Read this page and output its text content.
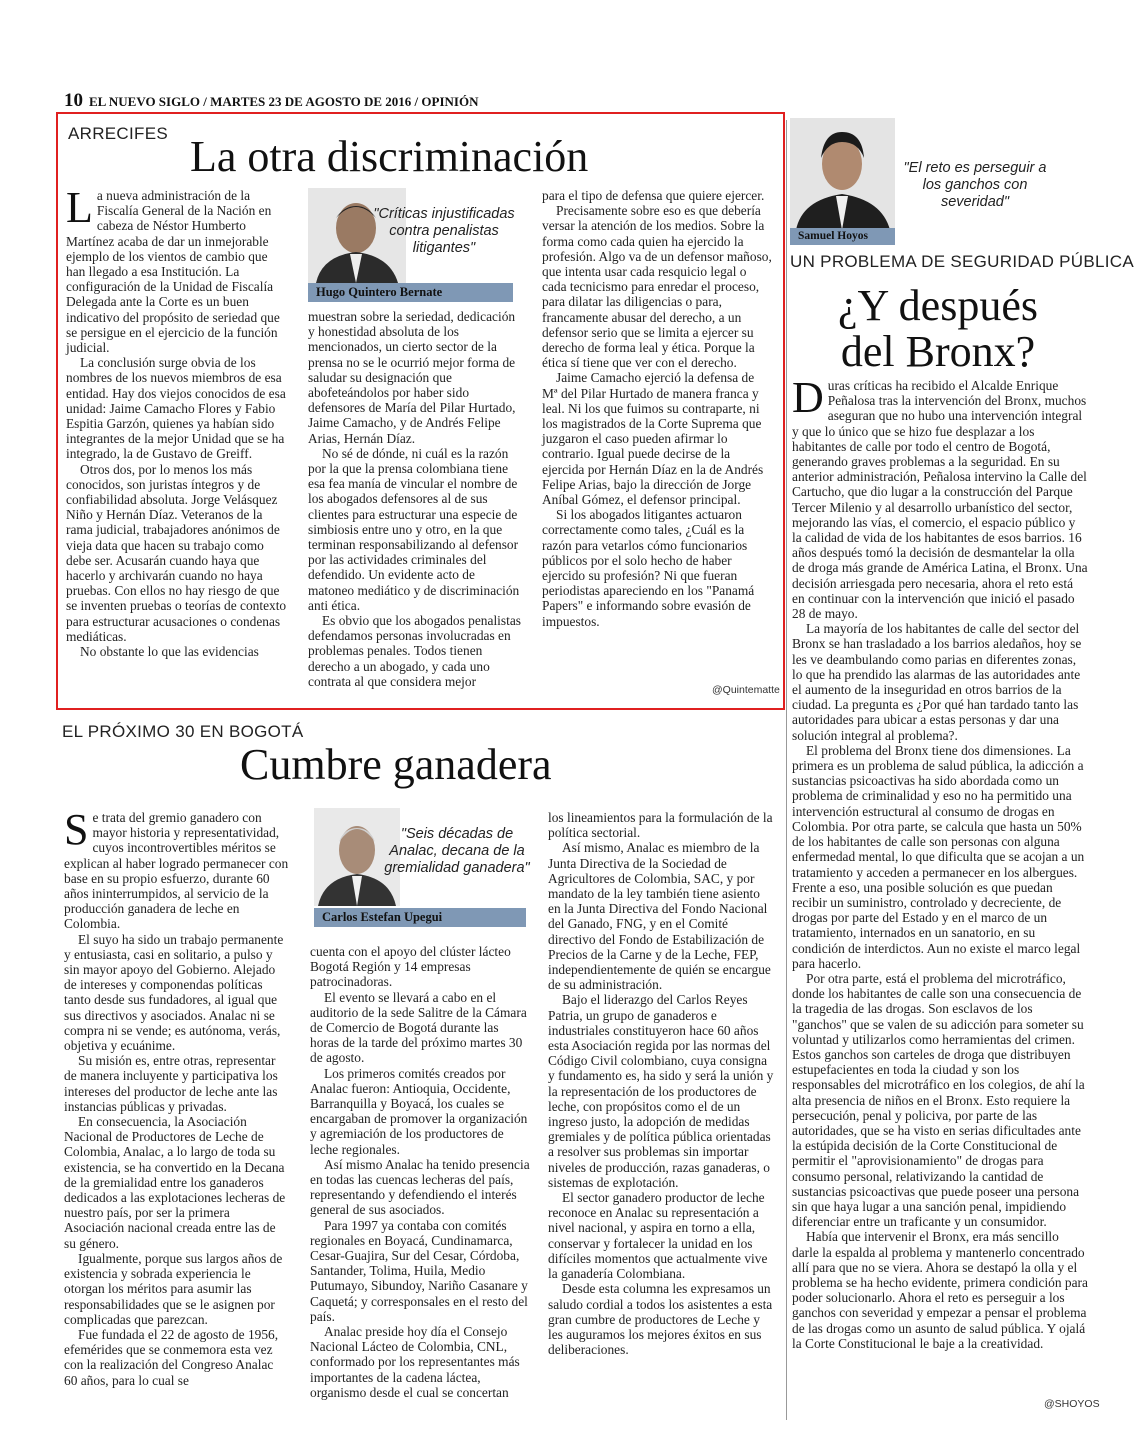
10 EL NUEVO SIGLO / MARTES 23 DE AGOSTO DE 2016 / OPINIÓN
ARRECIFES La otra discriminación

La nueva administración de la Fiscalía General de la Nación en cabeza de Néstor Humberto Martínez acaba de dar un inmejorable ejemplo de los vientos de cambio que han llegado a esa Institución. La configuración de la Unidad de Fiscalía Delegada ante la Corte es un buen indicativo del propósito de seriedad que se persigue en el ejercicio de la función judicial.

La conclusión surge obvia de los nombres de los nuevos miembros de esa entidad. Hay dos viejos conocidos de esa unidad: Jaime Camacho Flores y Fabio Espitia Garzón, quienes ya habían sido integrantes de la mejor Unidad que se ha integrado, la de Gustavo de Greiff.

Otros dos, por lo menos los más conocidos, son juristas íntegros y de confiabilidad absoluta. Jorge Velásquez Niño y Hernán Díaz. Veteranos de la rama judicial, trabajadores anónimos de vieja data que hacen su trabajo como debe ser. Acusarán cuando haya que hacerlo y archivarán cuando no haya pruebas. Con ellos no hay riesgo de que se inventen pruebas o teorías de contexto para estructurar acusaciones o condenas mediáticas.

No obstante lo que las evidencias

"Críticas injustificadas contra penalistas litigantes"
Hugo Quintero Bernate

muestran sobre la seriedad, dedicación y honestidad absoluta de los mencionados, un cierto sector de la prensa no se le ocurrió mejor forma de saludar su designación que abofeteándolos por haber sido defensores de María del Pilar Hurtado, Jaime Camacho, y de Andrés Felipe Arias, Hernán Díaz.

No sé de dónde, ni cuál es la razón por la que la prensa colombiana tiene esa fea manía de vincular el nombre de los abogados defensores al de sus clientes para estructurar una especie de simbiosis entre uno y otro, en la que terminan responsabilizando al defensor por las actividades criminales del defendido. Un evidente acto de matoneo mediático y de discriminación anti ética.

Es obvio que los abogados penalistas defendamos personas involucradas en problemas penales. Todos tienen derecho a un abogado, y cada uno contrata al que considera mejor

para el tipo de defensa que quiere ejercer.

Precisamente sobre eso es que debería versar la atención de los medios. Sobre la forma como cada quien ha ejercido la profesión. Algo va de un defensor mañoso, que intenta usar cada resquicio legal o cada tecnicismo para enredar el proceso, para dilatar las diligencias o para, francamente abusar del derecho, a un defensor serio que se limita a ejercer su derecho de forma leal y ética. Porque la ética sí tiene que ver con el derecho.

Jaime Camacho ejerció la defensa de Mª del Pilar Hurtado de manera franca y leal. Ni los que fuimos su contraparte, ni los magistrados de la Corte Suprema que juzgaron el caso pueden afirmar lo contrario. Igual puede decirse de la ejercida por Hernán Díaz en la de Andrés Felipe Arias, bajo la dirección de Jorge Aníbal Gómez, el defensor principal.

Si los abogados litigantes actuaron correctamente como tales, ¿Cuál es la razón para vetarlos cómo funcionarios públicos por el solo hecho de haber ejercido su profesión? Ni que fueran periodistas apareciendo en los "Panamá Papers" e informando sobre evasión de impuestos.

@Quintematte
EL PRÓXIMO 30 EN BOGOTÁ
Cumbre ganadera

Se trata del gremio ganadero con mayor historia y representatividad, cuyos incontrovertibles méritos se explican al haber logrado permanecer con base en su propio esfuerzo, durante 60 años ininterrumpidos, al servicio de la producción ganadera de leche en Colombia.

El suyo ha sido un trabajo permanente y entusiasta, casi en solitario, a pulso y sin mayor apoyo del Gobierno. Alejado de intereses y componendas políticas tanto desde sus fundadores, al igual que sus directivos y asociados. Analac ni se compra ni se vende; es autónoma, verás, objetiva y ecuánime.

Su misión es, entre otras, representar de manera incluyente y participativa los intereses del productor de leche ante las instancias públicas y privadas.

En consecuencia, la Asociación Nacional de Productores de Leche de Colombia, Analac, a lo largo de toda su existencia, se ha convertido en la Decana de la gremialidad entre los ganaderos dedicados a las explotaciones lecheras de nuestro país, por ser la primera Asociación nacional creada entre las de su género.

Igualmente, porque sus largos años de existencia y sobrada experiencia le otorgan los méritos para asumir las responsabilidades que se le asignen por complicadas que parezcan.

Fue fundada el 22 de agosto de 1956, efemérides que se conmemora esta vez con la realización del Congreso Analac 60 años, para lo cual se

"Seis décadas de Analac, decana de la gremialidad ganadera"
Carlos Estefan Upegui

cuenta con el apoyo del clúster lácteo Bogotá Región y 14 empresas patrocinadoras.

El evento se llevará a cabo en el auditorio de la sede Salitre de la Cámara de Comercio de Bogotá durante las horas de la tarde del próximo martes 30 de agosto.

Los primeros comités creados por Analac fueron: Antioquia, Occidente, Barranquilla y Boyacá, los cuales se encargaban de promover la organización y agremiación de los productores de leche regionales.

Así mismo Analac ha tenido presencia en todas las cuencas lecheras del país, representando y defendiendo el interés general de sus asociados.

Para 1997 ya contaba con comités regionales en Boyacá, Cundinamarca, Cesar-Guajira, Sur del Cesar, Córdoba, Santander, Tolima, Huila, Medio Putumayo, Sibundoy, Nariño Casanare y Caquetá; y corresponsales en el resto del país.

Analac preside hoy día el Consejo Nacional Lácteo de Colombia, CNL, conformado por los representantes más importantes de la cadena láctea, organismo desde el cual se concertan

los lineamientos para la formulación de la política sectorial.

Así mismo, Analac es miembro de la Junta Directiva de la Sociedad de Agricultores de Colombia, SAC, y por mandato de la ley también tiene asiento en la Junta Directiva del Fondo Nacional del Ganado, FNG, y en el Comité directivo del Fondo de Estabilización de Precios de la Carne y de la Leche, FEP, independientemente de quién se encargue de su administración.

Bajo el liderazgo del Carlos Reyes Patria, un grupo de ganaderos e industriales constituyeron hace 60 años esta Asociación regida por las normas del Código Civil colombiano, cuya consigna y fundamento es, ha sido y será la unión y la representación de los productores de leche, con propósitos como el de un ingreso justo, la adopción de medidas gremiales y de política pública orientadas a resolver sus problemas sin importar niveles de producción, razas ganaderas, o sistemas de explotación.

El sector ganadero productor de leche reconoce en Analac su representación a nivel nacional, y aspira en torno a ella, conservar y fortalecer la unidad en los difíciles momentos que actualmente vive la ganadería Colombiana.

Desde esta columna les expresamos un saludo cordial a todos los asistentes a esta gran cumbre de productores de Leche y les auguramos los mejores éxitos en sus deliberaciones.

"El reto es perseguir a los ganchos con severidad"
Samuel Hoyos
UN PROBLEMA DE SEGURIDAD PÚBLICA
¿Y después
del Bronx?

Duras críticas ha recibido el Alcalde Enrique Peñalosa tras la intervención del Bronx, muchos aseguran que no hubo una intervención integral y que lo único que se hizo fue desplazar a los habitantes de calle por todo el centro de Bogotá, generando graves problemas a la seguridad. En su anterior administración, Peñalosa intervino la Calle del Cartucho, que dio lugar a la construcción del Parque Tercer Milenio y al desarrollo urbanístico del sector, mejorando las vías, el comercio, el espacio público y la calidad de vida de los habitantes de esos barrios. 16 años después tomó la decisión de desmantelar la olla de droga más grande de América Latina, el Bronx. Una decisión arriesgada pero necesaria, ahora el reto está en continuar con la intervención que inició el pasado 28 de mayo.

La mayoría de los habitantes de calle del sector del Bronx se han trasladado a los barrios aledaños, hoy se les ve deambulando como parias en diferentes zonas, lo que ha prendido las alarmas de las autoridades ante el aumento de la inseguridad en otros barrios de la ciudad. La pregunta es ¿Por qué han tardado tanto las autoridades para ubicar a estas personas y dar una solución integral al problema?.

El problema del Bronx tiene dos dimensiones. La primera es un problema de salud pública, la adicción a sustancias psicoactivas ha sido abordada como un problema de criminalidad y eso no ha permitido una intervención estructural al consumo de drogas en Colombia. Por otra parte, se calcula que hasta un 50% de los habitantes de calle son personas con alguna enfermedad mental, lo que dificulta que se acojan a un tratamiento y acceden a permanecer en los albergues. Frente a eso, una posible solución es que puedan recibir un suministro, controlado y decreciente, de drogas por parte del Estado y en el marco de un tratamiento, internados en un sanatorio, en su condición de interdictos. Aun no existe el marco legal para hacerlo.

Por otra parte, está el problema del microtráfico, donde los habitantes de calle son una consecuencia de la tragedia de las drogas. Son esclavos de los "ganchos" que se valen de su adicción para someter su voluntad y utilizarlos como herramientas del crimen. Estos ganchos son carteles de droga que distribuyen estupefacientes en toda la ciudad y son los responsables del microtráfico en los colegios, de ahí la alta presencia de niños en el Bronx. Esto requiere la persecución, penal y policiva, por parte de las autoridades, que se ha visto en serias dificultades ante la estúpida decisión de la Corte Constitucional de permitir el "aprovisionamiento" de drogas para consumo personal, relativizando la cantidad de sustancias psicoactivas que puede poseer una persona sin que haya lugar a una sanción penal, impidiendo diferenciar entre un traficante y un consumidor.

Había que intervenir el Bronx, era más sencillo darle la espalda al problema y mantenerlo concentrado allí para que no se viera. Ahora se destapó la olla y el problema se ha hecho evidente, primera condición para poder solucionarlo. Ahora el reto es perseguir a los ganchos con severidad y empezar a pensar el problema de las drogas como un asunto de salud pública. Y ojalá la Corte Constitucional le baje a la creatividad.

@SHOYOS
